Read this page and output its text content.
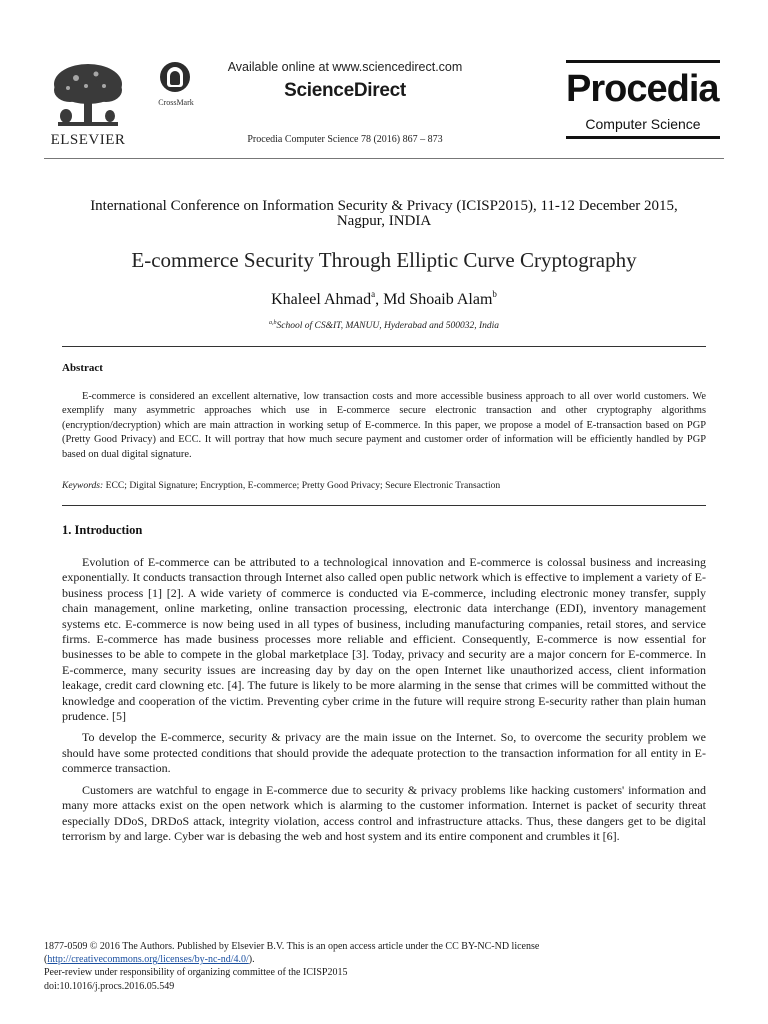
ELSEVIER
CrossMark
Available online at www.sciencedirect.com
ScienceDirect
Procedia Computer Science 78 (2016) 867 – 873
Procedia
Computer Science
International Conference on Information Security & Privacy (ICISP2015), 11-12 December 2015,
Nagpur, INDIA
E-commerce Security Through Elliptic Curve Cryptography
Khaleel Ahmad$^a$, Md Shoaib Alam$^b$
$^{a,b}$School of CS&IT, MANUU, Hyderabad and 500032, India
Abstract
E-commerce is considered an excellent alternative, low transaction costs and more accessible business approach to all over world customers. We exemplify many asymmetric approaches which use in E-commerce secure electronic transaction and other cryptography algorithms (encryption/decryption) which are main attraction in working setup of E-commerce. In this paper, we propose a model of E-transaction based on PGP (Pretty Good Privacy) and ECC. It will portray that how much secure payment and customer order of information will be efficiently handled by PGP based on dual digital signature.
Keywords: ECC; Digital Signature; Encryption, E-commerce; Pretty Good Privacy; Secure Electronic Transaction
1. Introduction

Evolution of E-commerce can be attributed to a technological innovation and E-commerce is colossal business and increasing exponentially. It conducts transaction through Internet also called open public network which is effective to implement a variety of E-business process [1] [2]. A wide variety of commerce is conducted via E-commerce, including electronic money transfer, supply chain management, online marketing, online transaction processing, electronic data interchange (EDI), inventory management systems etc. E-commerce is now being used in all types of business, including manufacturing companies, retail stores, and service firms. E-commerce has made business processes more reliable and efficient. Consequently, E-commerce is now essential for businesses to be able to compete in the global marketplace [3]. Today, privacy and security are a major concern for E-commerce. In E-commerce, many security issues are increasing day by day on the open Internet like unauthorized access, client information leakage, credit card clowning etc. [4]. The future is likely to be more alarming in the sense that crimes will be committed without the knowledge and cooperation of the victim. Preventing cyber crime in the future will require strong E-security rather than plain human prudence. [5]

To develop the E-commerce, security & privacy are the main issue on the Internet. So, to overcome the security problem we should have some protected conditions that should provide the adequate protection to the transaction information for all entity in E-commerce transaction.

Customers are watchful to engage in E-commerce due to security & privacy problems like hacking customers' information and many more attacks exist on the open network which is alarming to the customer information. Internet is packet of security threat especially DDoS, DRDoS attack, integrity violation, access control and infrastructure attacks. Thus, these dangers get to be digital terrorism by and large. Cyber war is debasing the web and host system and its entire component and crumbles it [6].

1877-0509 © 2016 The Authors. Published by Elsevier B.V. This is an open access article under the CC BY-NC-ND license
(http://creativecommons.org/licenses/by-nc-nd/4.0/).
Peer-review under responsibility of organizing committee of the ICISP2015
doi:10.1016/j.procs.2016.05.549
